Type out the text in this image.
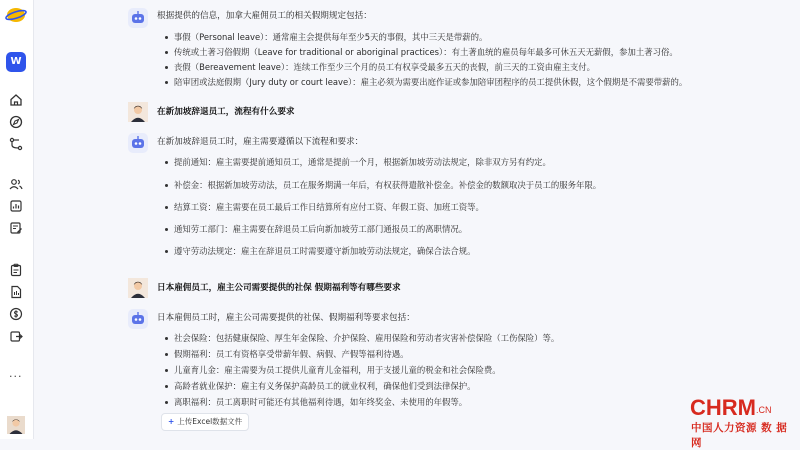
W
···
根据提供的信息，加拿大雇佣员工的相关假期规定包括：
事假（Personal leave）：通常雇主会提供每年至少5天的事假，其中三天是带薪的。
传统或土著习俗假期（Leave for traditional or aboriginal practices）：有土著血统的雇员每年最多可休五天无薪假，参加土著习俗。
丧假（Bereavement leave）：连续工作至少三个月的员工有权享受最多五天的丧假，前三天的工资由雇主支付。
陪审团或法庭假期（Jury duty or court leave）：雇主必须为需要出庭作证或参加陪审团程序的员工提供休假，这个假期是不需要带薪的。
在新加坡辞退员工，流程有什么要求
在新加坡辞退员工时，雇主需要遵循以下流程和要求：
提前通知：雇主需要提前通知员工，通常是提前一个月，根据新加坡劳动法规定，除非双方另有约定。
补偿金：根据新加坡劳动法，员工在服务期满一年后，有权获得遣散补偿金。补偿金的数额取决于员工的服务年限。
结算工资：雇主需要在员工最后工作日结算所有应付工资、年假工资、加班工资等。
通知劳工部门：雇主需要在辞退员工后向新加坡劳工部门通报员工的离职情况。
遵守劳动法规定：雇主在辞退员工时需要遵守新加坡劳动法规定，确保合法合规。
日本雇佣员工，雇主公司需要提供的社保 假期福利等有哪些要求
日本雇佣员工时，雇主公司需要提供的社保、假期福利等要求包括：
社会保险：包括健康保险、厚生年金保险、介护保险、雇用保险和劳动者灾害补偿保险（工伤保险）等。
假期福利：员工有资格享受带薪年假、病假、产假等福利待遇。
儿童育儿金：雇主需要为员工提供儿童育儿金福利，用于支援儿童的税金和社会保险费。
高龄者就业保护：雇主有义务保护高龄员工的就业权利，确保他们受到法律保护。
离职福利：员工离职时可能还有其他福利待遇，如年终奖金、未使用的年假等。
+ 上传Excel数据文件
CHRM .CN
中国人力资源 数 据 网
